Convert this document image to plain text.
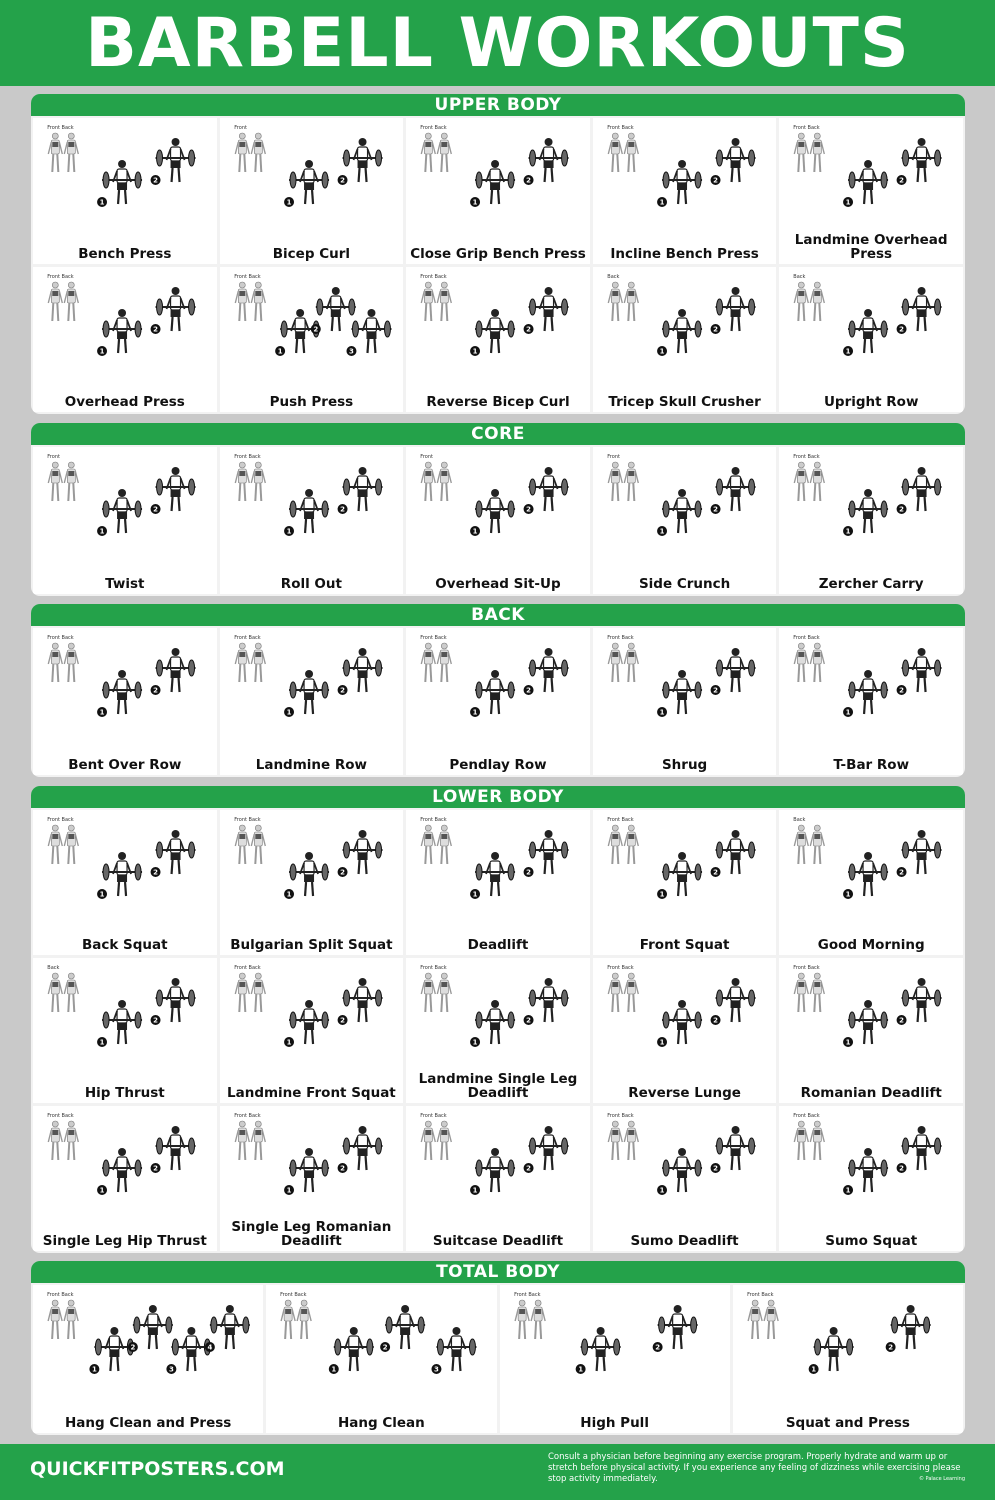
BARBELL WORKOUTS
UPPER BODY
Front Back
1
2
Bench Press
Front
1
2
Bicep Curl
Front Back
1
2
Close Grip Bench Press
Front Back
1
2
Incline Bench Press
Front Back
1
2
Landmine Overhead Press
Front Back
1
2
Overhead Press
Front Back
1
2
3
Push Press
Front Back
1
2
Reverse Bicep Curl
Back
1
2
Tricep Skull Crusher
Back
1
2
Upright Row
CORE
Front
1
2
Twist
Front Back
1
2
Roll Out
Front
1
2
Overhead Sit-Up
Front
1
2
Side Crunch
Front Back
1
2
Zercher Carry
BACK
Front Back
1
2
Bent Over Row
Front Back
1
2
Landmine Row
Front Back
1
2
Pendlay Row
Front Back
1
2
Shrug
Front Back
1
2
T-Bar Row
LOWER BODY
Front Back
1
2
Back Squat
Front Back
1
2
Bulgarian Split Squat
Front Back
1
2
Deadlift
Front Back
1
2
Front Squat
Back
1
2
Good Morning
Back
1
2
Hip Thrust
Front Back
1
2
Landmine Front Squat
Front Back
1
2
Landmine Single Leg Deadlift
Front Back
1
2
Reverse Lunge
Front Back
1
2
Romanian Deadlift
Front Back
1
2
Single Leg Hip Thrust
Front Back
1
2
Single Leg Romanian Deadlift
Front Back
1
2
Suitcase Deadlift
Front Back
1
2
Sumo Deadlift
Front Back
1
2
Sumo Squat
TOTAL BODY
Front Back
1
2
3
4
Hang Clean and Press
Front Back
1
2
3
Hang Clean
Front Back
1
2
High Pull
Front Back
1
2
Squat and Press
QUICKFITPOSTERS.COM
Consult a physician before beginning any exercise program. Properly hydrate and warm up or stretch before physical activity. If you experience any feeling of dizziness while exercising please stop activity immediately.	© Palace Learning
